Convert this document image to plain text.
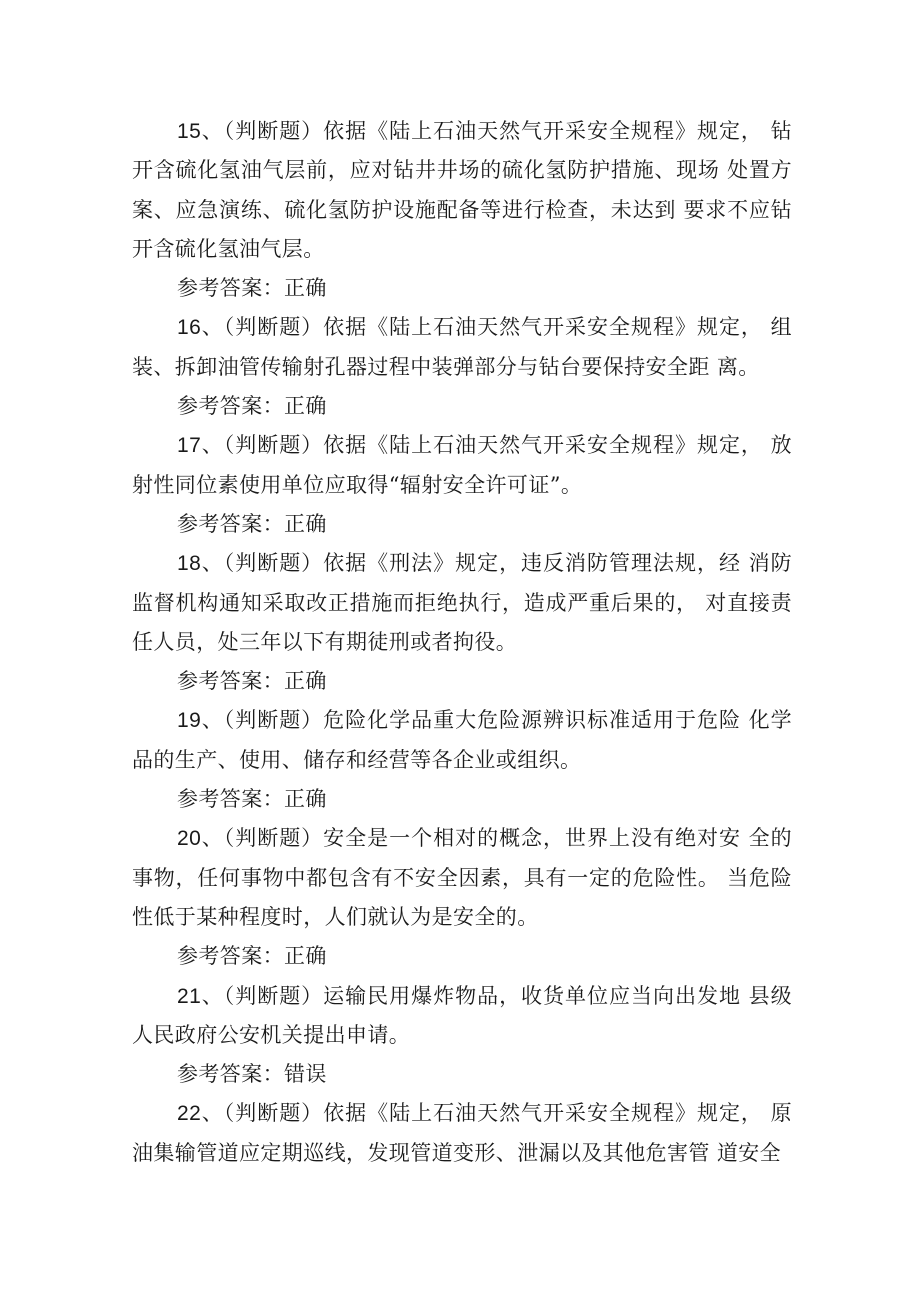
15、（判断题）依据《陆上石油天然气开采安全规程》规定， 钻开含硫化氢油气层前，应对钻井井场的硫化氢防护措施、现场 处置方案、应急演练、硫化氢防护设施配备等进行检查，未达到 要求不应钻开含硫化氢油气层。

参考答案：正确

16、（判断题）依据《陆上石油天然气开采安全规程》规定， 组装、拆卸油管传输射孔器过程中装弹部分与钻台要保持安全距 离。

参考答案：正确

17、（判断题）依据《陆上石油天然气开采安全规程》规定， 放射性同位素使用单位应取得“辐射安全许可证”。

参考答案：正确

18、（判断题）依据《刑法》规定，违反消防管理法规，经 消防监督机构通知采取改正措施而拒绝执行，造成严重后果的， 对直接责任人员，处三年以下有期徒刑或者拘役。

参考答案：正确

19、（判断题）危险化学品重大危险源辨识标准适用于危险 化学品的生产、使用、储存和经营等各企业或组织。

参考答案：正确

20、（判断题）安全是一个相对的概念，世界上没有绝对安 全的事物，任何事物中都包含有不安全因素，具有一定的危险性。 当危险性低于某种程度时，人们就认为是安全的。

参考答案：正确

21、（判断题）运输民用爆炸物品，收货单位应当向出发地 县级人民政府公安机关提出申请。

参考答案：错误

22、（判断题）依据《陆上石油天然气开采安全规程》规定， 原油集输管道应定期巡线，发现管道变形、泄漏以及其他危害管 道安全
